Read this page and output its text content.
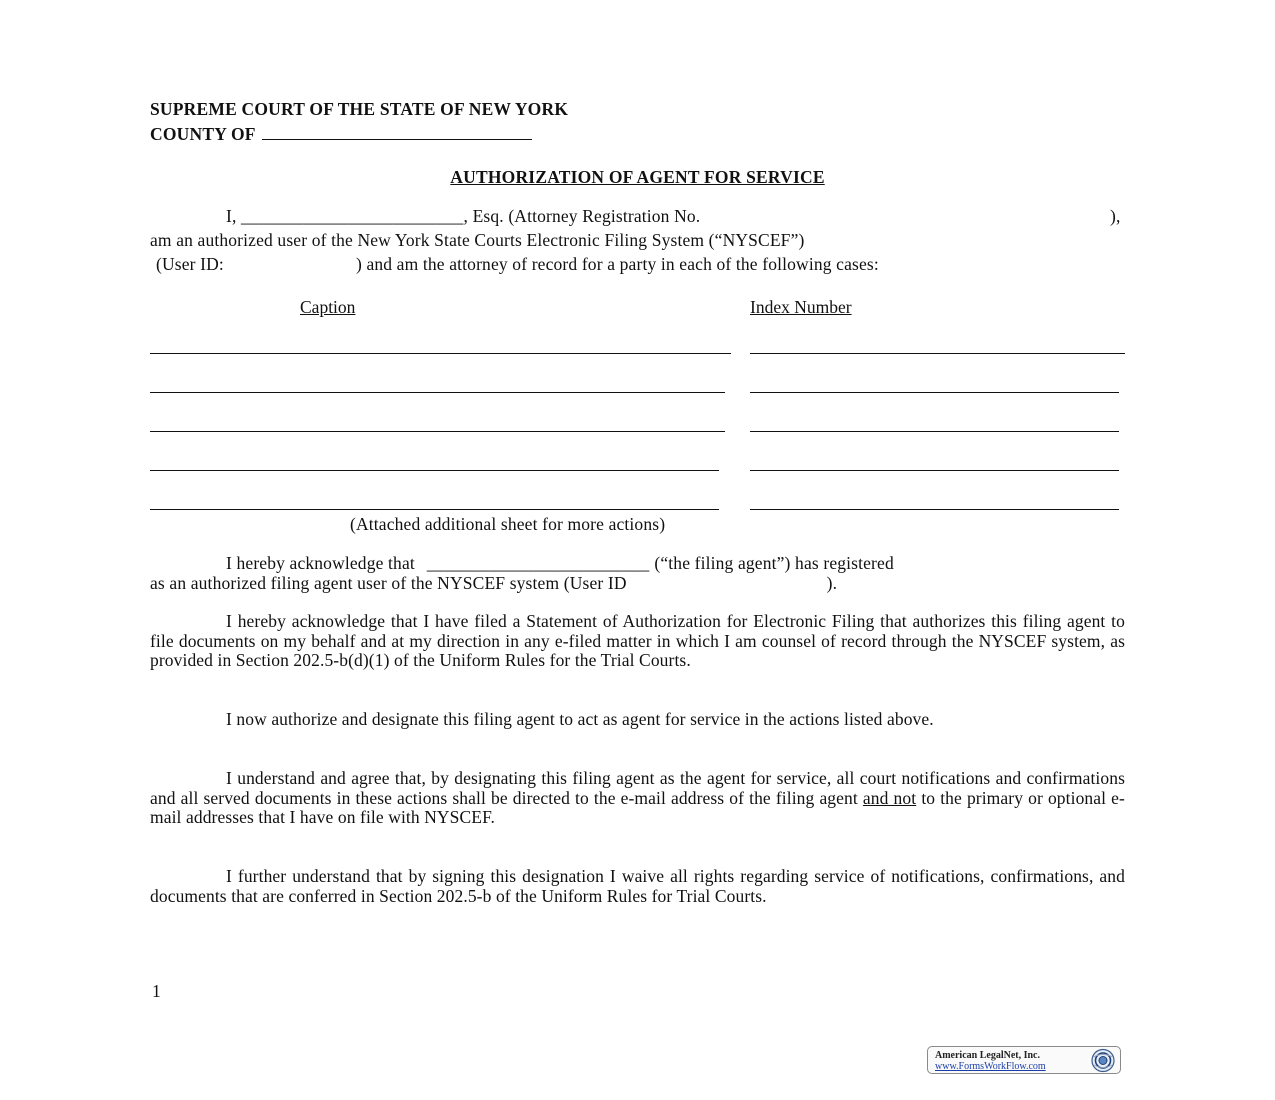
SUPREME COURT OF THE STATE OF NEW YORK
COUNTY OF
AUTHORIZATION OF AGENT FOR SERVICE
I, _________________________, Esq. (Attorney Registration No.	),
am an authorized user of the New York State Courts Electronic Filing System (“NYSCEF”)
(User ID:	) and am the attorney of record for a party in each of the following cases:
Caption	Index Number
(Attached additional sheet for more actions)
I hereby acknowledge that _________________________ (“the filing agent”) has registered
as an authorized filing agent user of the NYSCEF system (User ID	).
I hereby acknowledge that I have filed a Statement of Authorization for Electronic Filing that authorizes this filing agent to file documents on my behalf and at my direction in any e-filed matter in which I am counsel of record through the NYSCEF system, as provided in Section 202.5-b(d)(1) of the Uniform Rules for the Trial Courts.
I now authorize and designate this filing agent to act as agent for service in the actions listed above.
I understand and agree that, by designating this filing agent as the agent for service, all court notifications and confirmations and all served documents in these actions shall be directed to the e-mail address of the filing agent and not to the primary or optional e-mail addresses that I have on file with NYSCEF.
I further understand that by signing this designation I waive all rights regarding service of notifications, confirmations, and documents that are conferred in Section 202.5-b of the Uniform Rules for Trial Courts.
1
American LegalNet, Inc.
www.FormsWorkFlow.com
